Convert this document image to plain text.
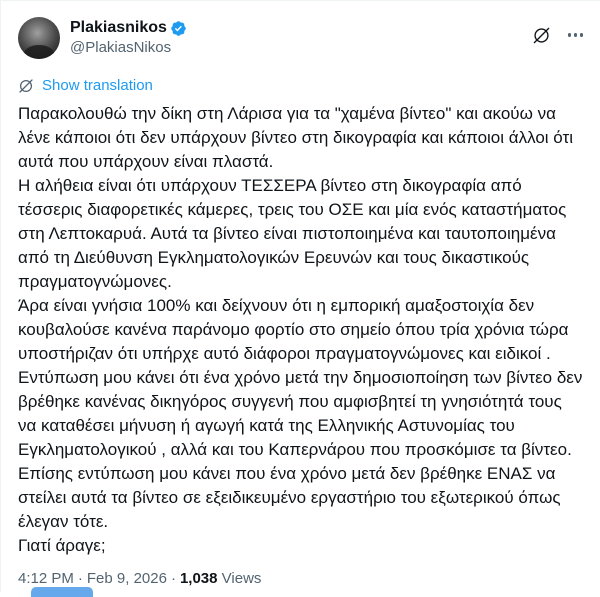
Plakiasnikos
@PlakiasNikos
Show translation

Παρακολουθώ την δίκη στη Λάρισα για τα "χαμένα βίντεο" και ακούω να λένε κάποιοι ότι δεν υπάρχουν βίντεο στη δικογραφία και κάποιοι άλλοι ότι αυτά που υπάρχουν είναι πλαστά.

Η αλήθεια είναι ότι υπάρχουν ΤΕΣΣΕΡΑ βίντεο στη δικογραφία από τέσσερις διαφορετικές κάμερες, τρεις του ΟΣΕ και μία ενός καταστήματος στη Λεπτοκαρυά. Αυτά τα βίντεο είναι πιστοποιημένα και ταυτοποιημένα από τη Διεύθυνση Εγκληματολογικών Ερευνών και τους δικαστικούς πραγματογνώμονες.

Άρα είναι γνήσια 100% και δείχνουν ότι η εμπορική αμαξοστοιχία δεν κουβαλούσε κανένα παράνομο φορτίο στο σημείο όπου τρία χρόνια τώρα υποστήριζαν ότι υπήρχε αυτό διάφοροι πραγματογνώμονες και ειδικοί .

Εντύπωση μου κάνει ότι ένα χρόνο μετά την δημοσιοποίηση των βίντεο δεν βρέθηκε κανένας δικηγόρος συγγενή που αμφισβητεί τη γνησιότητά τους να καταθέσει μήνυση ή αγωγή κατά της Ελληνικής Αστυνομίας του Εγκληματολογικού , αλλά και του Καπερνάρου που προσκόμισε τα βίντεο.

Επίσης εντύπωση μου κάνει που ένα χρόνο μετά δεν βρέθηκε ΕΝΑΣ να στείλει αυτά τα βίντεο σε εξειδικευμένο εργαστήριο του εξωτερικού όπως έλεγαν τότε.

Γιατί άραγε;

4:12 PM · Feb 9, 2026 · 1,038 Views
